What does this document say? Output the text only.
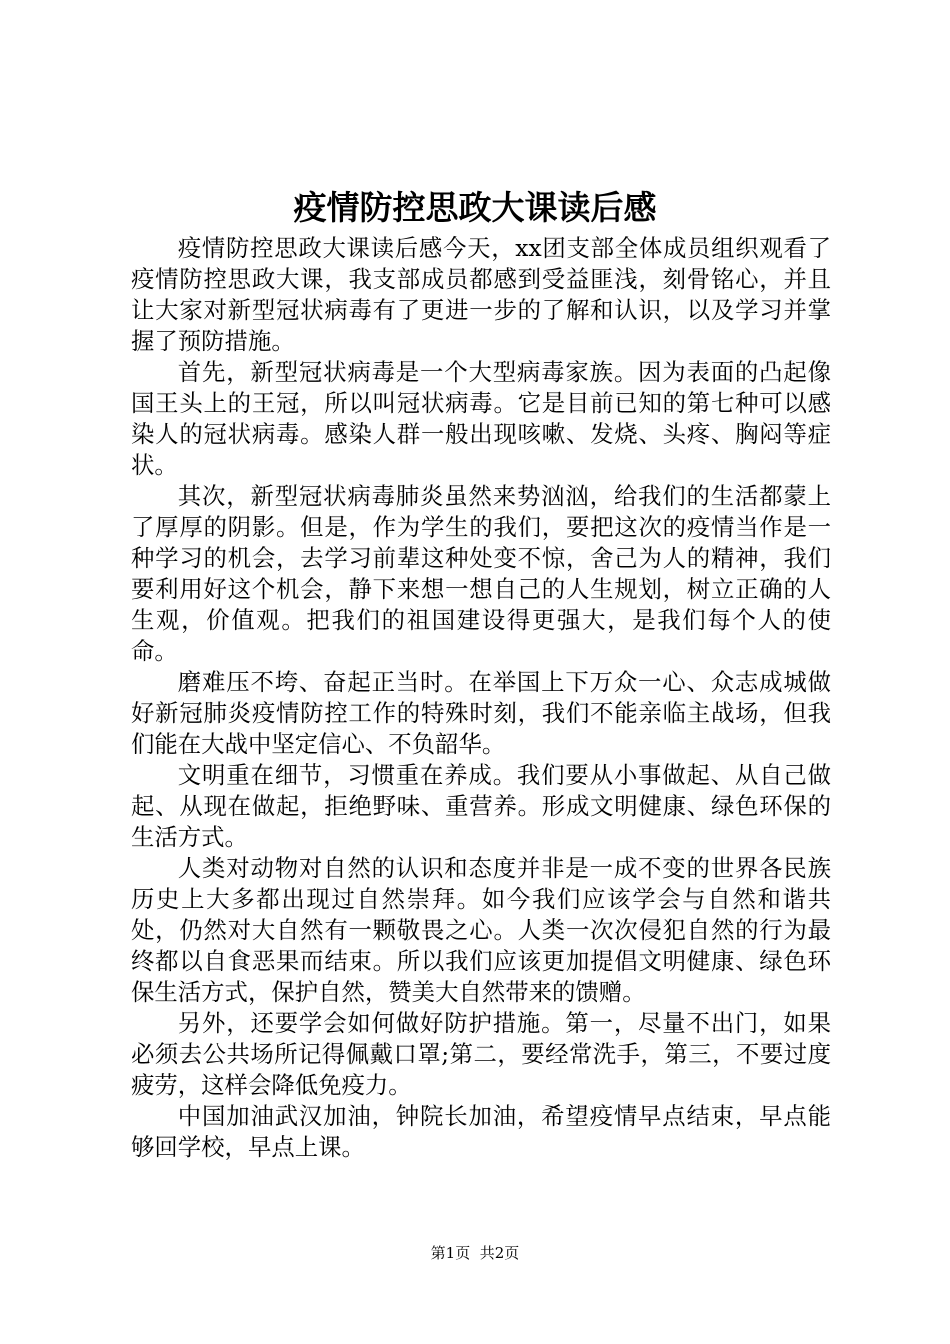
疫情防控思政大课读后感

疫情防控思政大课读后感今天，xx团支部全体成员组织观看了疫情防控思政大课，我支部成员都感到受益匪浅，刻骨铭心，并且让大家对新型冠状病毒有了更进一步的了解和认识，以及学习并掌握了预防措施。

首先，新型冠状病毒是一个大型病毒家族。因为表面的凸起像国王头上的王冠，所以叫冠状病毒。它是目前已知的第七种可以感染人的冠状病毒。感染人群一般出现咳嗽、发烧、头疼、胸闷等症状。

其次，新型冠状病毒肺炎虽然来势汹汹，给我们的生活都蒙上了厚厚的阴影。但是，作为学生的我们，要把这次的疫情当作是一种学习的机会，去学习前辈这种处变不惊，舍己为人的精神，我们要利用好这个机会，静下来想一想自己的人生规划，树立正确的人生观，价值观。把我们的祖国建设得更强大，是我们每个人的使命。

磨难压不垮、奋起正当时。在举国上下万众一心、众志成城做好新冠肺炎疫情防控工作的特殊时刻，我们不能亲临主战场，但我们能在大战中坚定信心、不负韶华。

文明重在细节，习惯重在养成。我们要从小事做起、从自己做起、从现在做起，拒绝野味、重营养。形成文明健康、绿色环保的生活方式。

人类对动物对自然的认识和态度并非是一成不变的世界各民族历史上大多都出现过自然崇拜。如今我们应该学会与自然和谐共处，仍然对大自然有一颗敬畏之心。人类一次次侵犯自然的行为最终都以自食恶果而结束。所以我们应该更加提倡文明健康、绿色环保生活方式，保护自然，赞美大自然带来的馈赠。

另外，还要学会如何做好防护措施。第一，尽量不出门，如果必须去公共场所记得佩戴口罩;第二，要经常洗手，第三，不要过度疲劳，这样会降低免疫力。

中国加油武汉加油，钟院长加油，希望疫情早点结束，早点能够回学校，早点上课。

第1页 共2页
